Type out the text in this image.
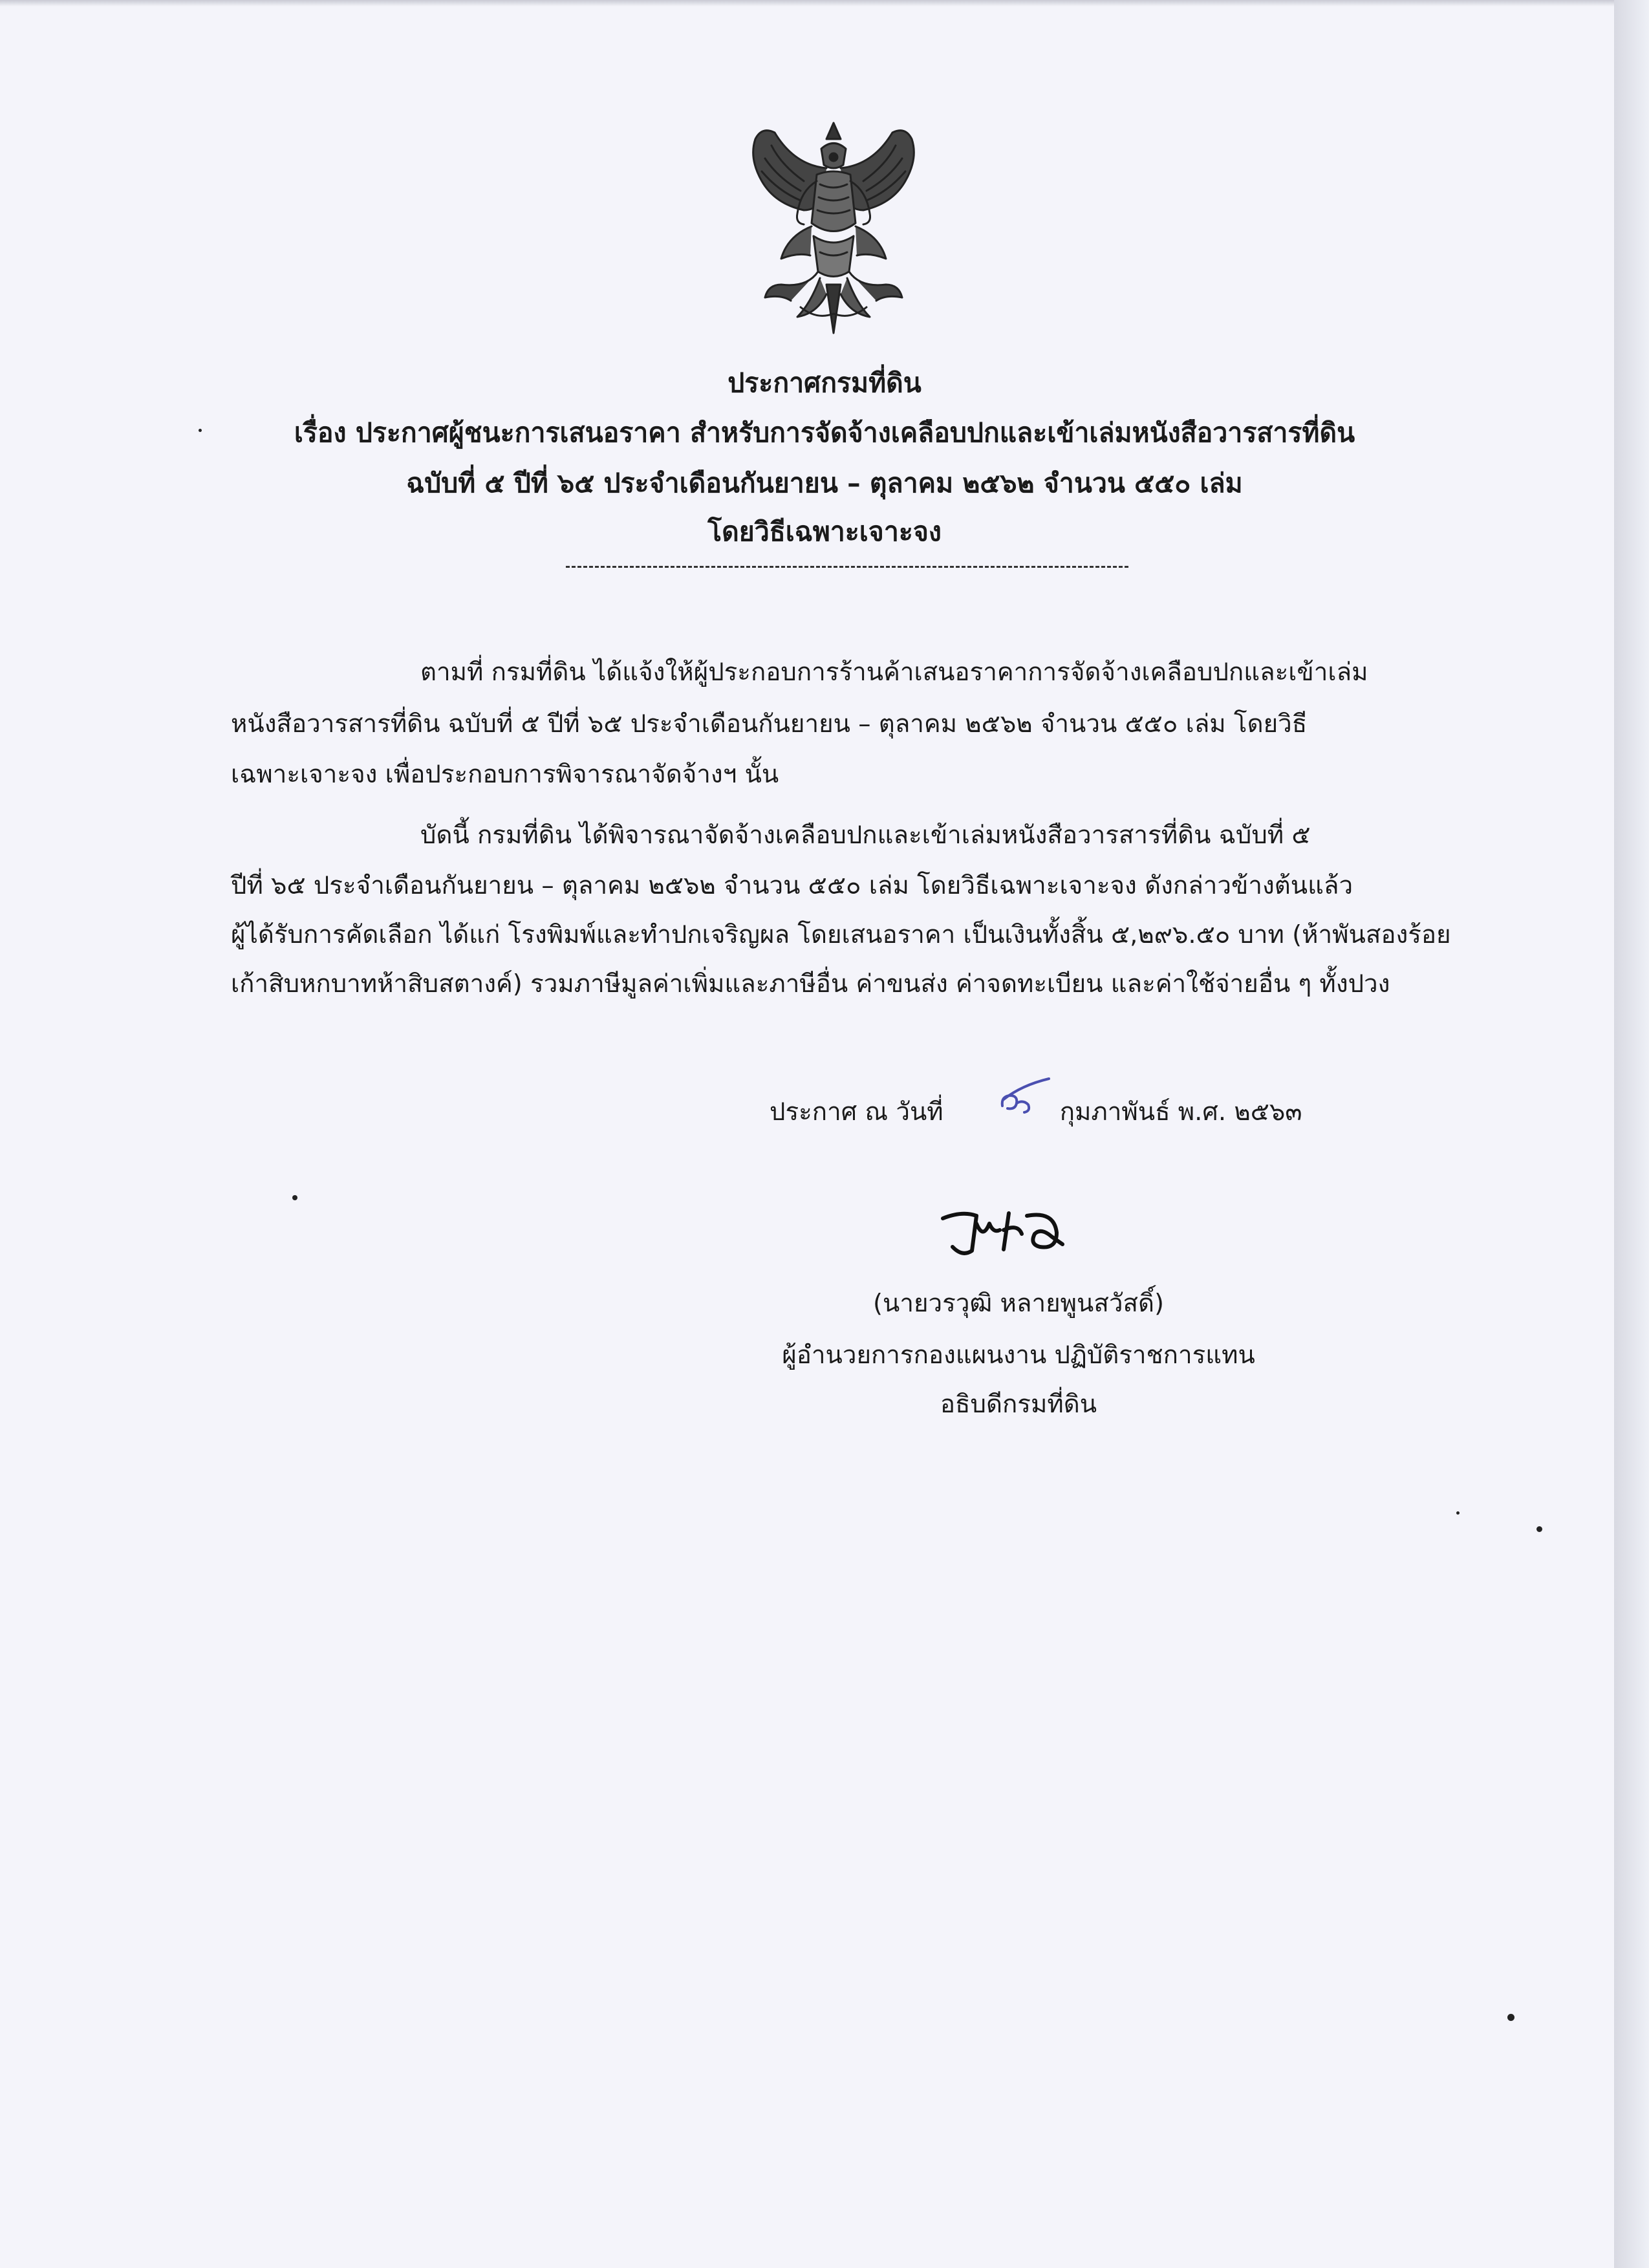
ประกาศกรมที่ดิน
เรื่อง ประกาศผู้ชนะการเสนอราคา สำหรับการจัดจ้างเคลือบปกและเข้าเล่มหนังสือวารสารที่ดิน
ฉบับที่ ๕ ปีที่ ๖๕ ประจำเดือนกันยายน – ตุลาคม ๒๕๖๒ จำนวน ๕๕๐ เล่ม
โดยวิธีเฉพาะเจาะจง
ตามที่ กรมที่ดิน ได้แจ้งให้ผู้ประกอบการร้านค้าเสนอราคาการจัดจ้างเคลือบปกและเข้าเล่ม
หนังสือวารสารที่ดิน ฉบับที่ ๕ ปีที่ ๖๕ ประจำเดือนกันยายน – ตุลาคม ๒๕๖๒ จำนวน ๕๕๐ เล่ม โดยวิธี
เฉพาะเจาะจง เพื่อประกอบการพิจารณาจัดจ้างฯ นั้น
บัดนี้ กรมที่ดิน ได้พิจารณาจัดจ้างเคลือบปกและเข้าเล่มหนังสือวารสารที่ดิน ฉบับที่ ๕
ปีที่ ๖๕ ประจำเดือนกันยายน – ตุลาคม ๒๕๖๒ จำนวน ๕๕๐ เล่ม โดยวิธีเฉพาะเจาะจง ดังกล่าวข้างต้นแล้ว
ผู้ได้รับการคัดเลือก ได้แก่ โรงพิมพ์และทำปกเจริญผล โดยเสนอราคา เป็นเงินทั้งสิ้น ๕,๒๙๖.๕๐ บาท (ห้าพันสองร้อย
เก้าสิบหกบาทห้าสิบสตางค์) รวมภาษีมูลค่าเพิ่มและภาษีอื่น ค่าขนส่ง ค่าจดทะเบียน และค่าใช้จ่ายอื่น ๆ ทั้งปวง
ประกาศ ณ วันที่	กุมภาพันธ์ พ.ศ. ๒๕๖๓
(นายวรวุฒิ หลายพูนสวัสดิ์)
ผู้อำนวยการกองแผนงาน ปฏิบัติราชการแทน
อธิบดีกรมที่ดิน
